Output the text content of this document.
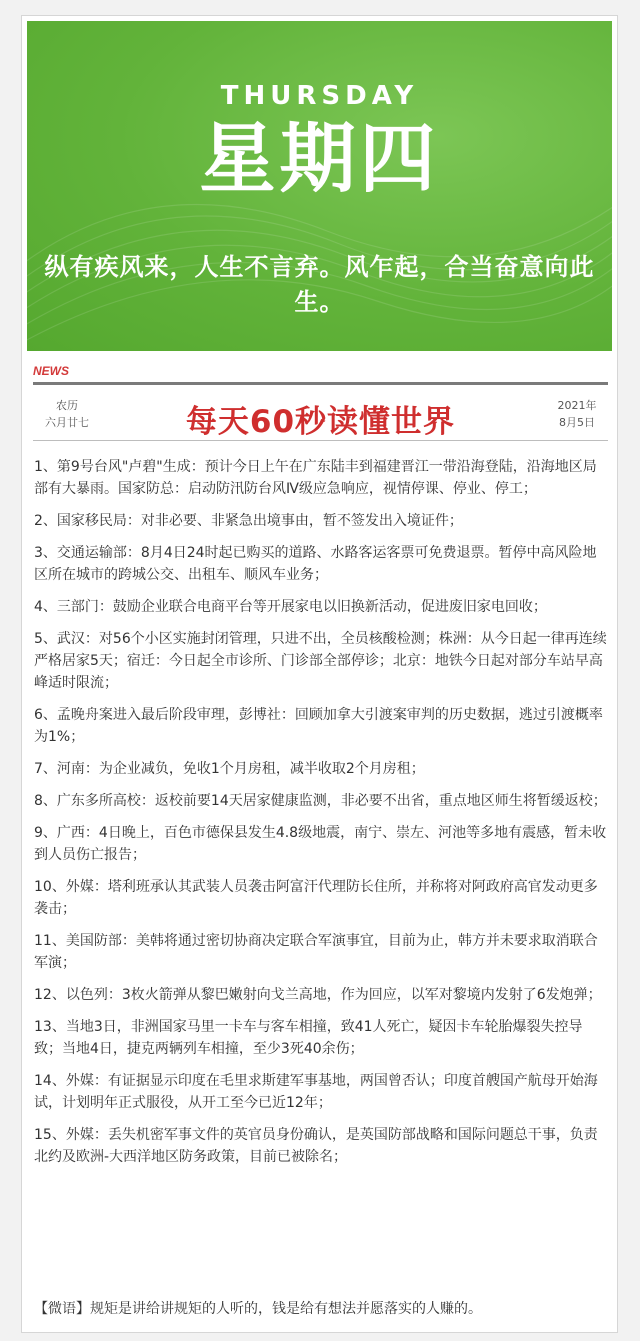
THURSDAY
星期四
纵有疾风来，人生不言弃。风乍起，合当奋意向此生。
NEWS
农历
六月廿七	每天60秒读懂世界	2021年
8月5日
1、第9号台风"卢碧"生成：预计今日上午在广东陆丰到福建晋江一带沿海登陆，沿海地区局部有大暴雨。国家防总：启动防汛防台风Ⅳ级应急响应，视情停课、停业、停工；
2、国家移民局：对非必要、非紧急出境事由，暂不签发出入境证件；
3、交通运输部：8月4日24时起已购买的道路、水路客运客票可免费退票。暂停中高风险地区所在城市的跨城公交、出租车、顺风车业务；
4、三部门：鼓励企业联合电商平台等开展家电以旧换新活动，促进废旧家电回收；
5、武汉：对56个小区实施封闭管理，只进不出，全员核酸检测；株洲：从今日起一律再连续严格居家5天；宿迁：今日起全市诊所、门诊部全部停诊；北京：地铁今日起对部分车站早高峰适时限流；
6、孟晚舟案进入最后阶段审理，彭博社：回顾加拿大引渡案审判的历史数据，逃过引渡概率为1%；
7、河南：为企业减负，免收1个月房租，减半收取2个月房租；
8、广东多所高校：返校前要14天居家健康监测，非必要不出省，重点地区师生将暂缓返校；
9、广西：4日晚上，百色市德保县发生4.8级地震，南宁、崇左、河池等多地有震感，暂未收到人员伤亡报告；
10、外媒：塔利班承认其武装人员袭击阿富汗代理防长住所，并称将对阿政府高官发动更多袭击；
11、美国防部：美韩将通过密切协商决定联合军演事宜，目前为止，韩方并未要求取消联合军演；
12、以色列：3枚火箭弹从黎巴嫩射向戈兰高地，作为回应，以军对黎境内发射了6发炮弹；
13、当地3日，非洲国家马里一卡车与客车相撞，致41人死亡，疑因卡车轮胎爆裂失控导致；当地4日，捷克两辆列车相撞，至少3死40余伤；
14、外媒：有证据显示印度在毛里求斯建军事基地，两国曾否认；印度首艘国产航母开始海试，计划明年正式服役，从开工至今已近12年；
15、外媒：丢失机密军事文件的英官员身份确认，是英国防部战略和国际问题总干事，负责北约及欧洲-大西洋地区防务政策，目前已被除名；
【微语】规矩是讲给讲规矩的人听的，钱是给有想法并愿落实的人赚的。
